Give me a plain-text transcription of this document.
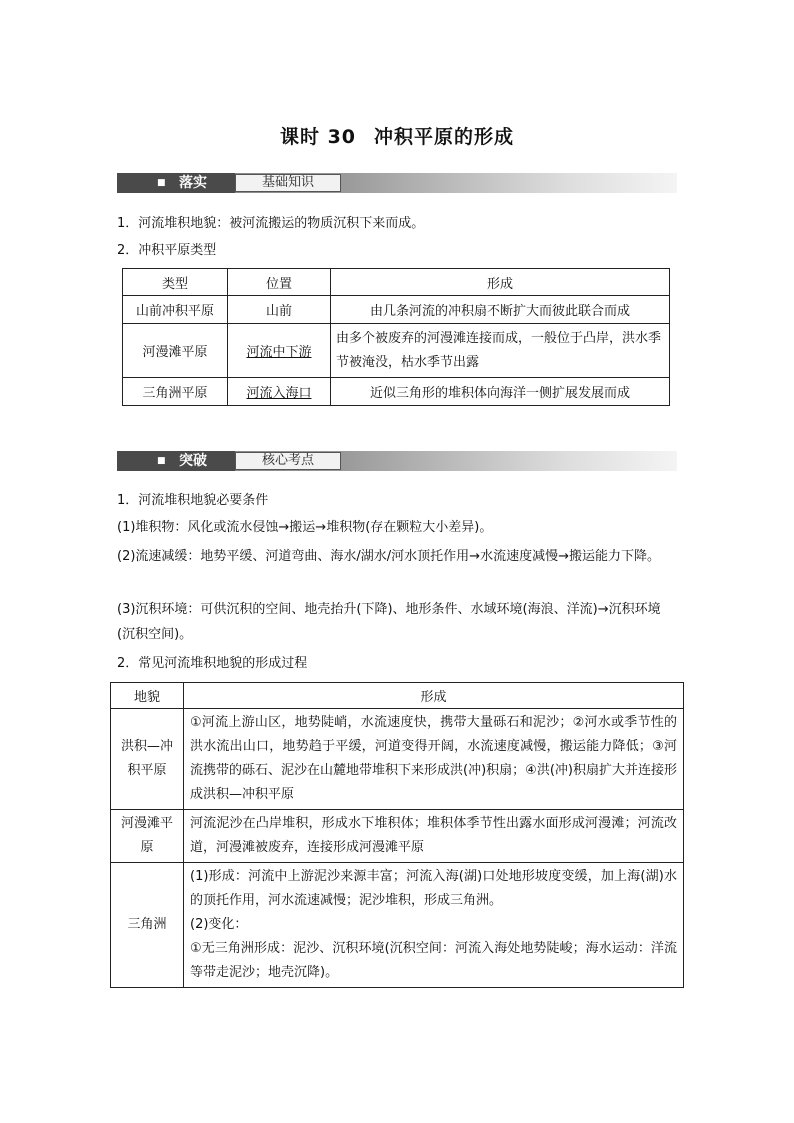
课时 30 冲积平原的形成
■ 落实	基础知识
1．河流堆积地貌：被河流搬运的物质沉积下来而成。
2．冲积平原类型
类型	位置	形成
山前冲积平原	山前	由几条河流的冲积扇不断扩大而彼此联合而成
河漫滩平原	河流中下游	由多个被废弃的河漫滩连接而成，一般位于凸岸，洪水季节被淹没，枯水季节出露
三角洲平原	河流入海口	近似三角形的堆积体向海洋一侧扩展发展而成
■ 突破	核心考点
1．河流堆积地貌必要条件
(1)堆积物：风化或流水侵蚀→搬运→堆积物(存在颗粒大小差异)。
(2)流速减缓：地势平缓、河道弯曲、海水/湖水/河水顶托作用→水流速度减慢→搬运能力下降。
(3)沉积环境：可供沉积的空间、地壳抬升(下降)、地形条件、水域环境(海浪、洋流)→沉积环境(沉积空间)。
2．常见河流堆积地貌的形成过程
地貌	形成
洪积—冲积平原	①河流上游山区，地势陡峭，水流速度快，携带大量砾石和泥沙；②河水或季节性的洪水流出山口，地势趋于平缓，河道变得开阔，水流速度减慢，搬运能力降低；③河流携带的砾石、泥沙在山麓地带堆积下来形成洪(冲)积扇；④洪(冲)积扇扩大并连接形成洪积—冲积平原
河漫滩平原	河流泥沙在凸岸堆积，形成水下堆积体；堆积体季节性出露水面形成河漫滩；河流改道，河漫滩被废弃，连接形成河漫滩平原
三角洲	(1)形成：河流中上游泥沙来源丰富；河流入海(湖)口处地形坡度变缓，加上海(湖)水的顶托作用，河水流速减慢；泥沙堆积，形成三角洲。
(2)变化：
①无三角洲形成：泥沙、沉积环境(沉积空间：河流入海处地势陡峻；海水运动：洋流等带走泥沙；地壳沉降)。
